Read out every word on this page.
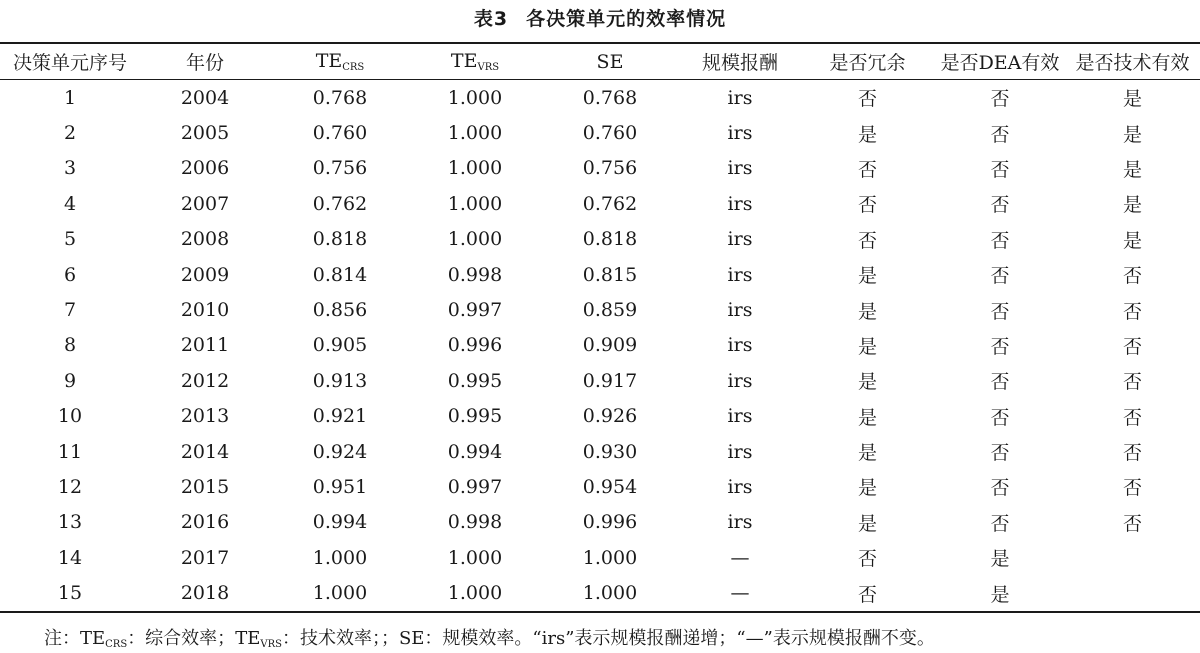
表3 各决策单元的效率情况
决策单元序号	年份	$TE_{CRS}$	$TE_{VRS}$	SE	规模报酬	是否冗余	是否DEA有效	是否技术有效
1	2004	0.768	1.000	0.768	irs	否	否	是
2	2005	0.760	1.000	0.760	irs	是	否	是
3	2006	0.756	1.000	0.756	irs	否	否	是
4	2007	0.762	1.000	0.762	irs	否	否	是
5	2008	0.818	1.000	0.818	irs	否	否	是
6	2009	0.814	0.998	0.815	irs	是	否	否
7	2010	0.856	0.997	0.859	irs	是	否	否
8	2011	0.905	0.996	0.909	irs	是	否	否
9	2012	0.913	0.995	0.917	irs	是	否	否
10	2013	0.921	0.995	0.926	irs	是	否	否
11	2014	0.924	0.994	0.930	irs	是	否	否
12	2015	0.951	0.997	0.954	irs	是	否	否
13	2016	0.994	0.998	0.996	irs	是	否	否
14	2017	1.000	1.000	1.000	—	否	是	
15	2018	1.000	1.000	1.000	—	否	是	
注：$TE_{CRS}$：综合效率；$TE_{VRS}$：技术效率；；SE：规模效率。“irs”表示规模报酬递增；“—”表示规模报酬不变。
